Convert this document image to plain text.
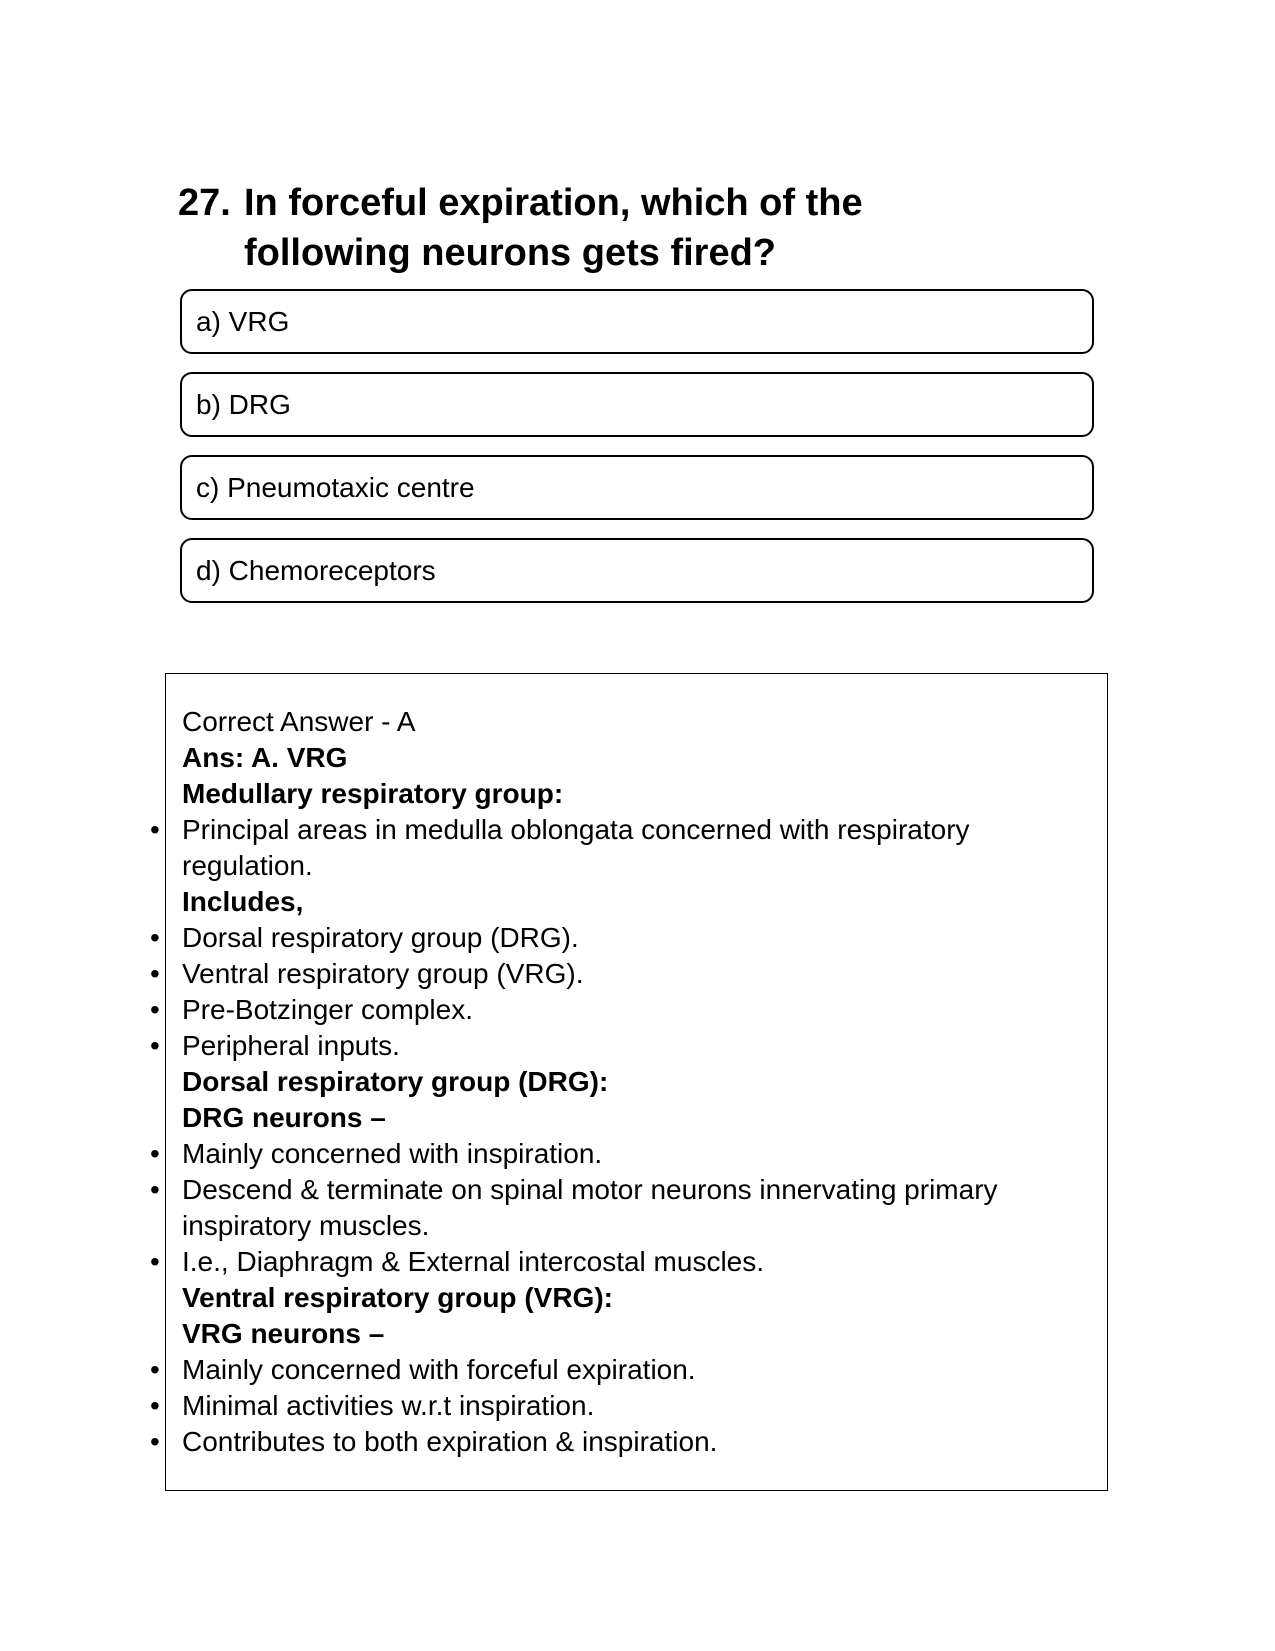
27. In forceful expiration, which of the following neurons gets fired?
a) VRG
b) DRG
c) Pneumotaxic centre
d) Chemoreceptors
Correct Answer - A
Ans: A. VRG
Medullary respiratory group:
• Principal areas in medulla oblongata concerned with respiratory regulation.
Includes,
• Dorsal respiratory group (DRG).
• Ventral respiratory group (VRG).
• Pre-Botzinger complex.
• Peripheral inputs.
Dorsal respiratory group (DRG):
DRG neurons –
• Mainly concerned with inspiration.
• Descend & terminate on spinal motor neurons innervating primary inspiratory muscles.
• I.e., Diaphragm & External intercostal muscles.
Ventral respiratory group (VRG):
VRG neurons –
• Mainly concerned with forceful expiration.
• Minimal activities w.r.t inspiration.
• Contributes to both expiration & inspiration.
